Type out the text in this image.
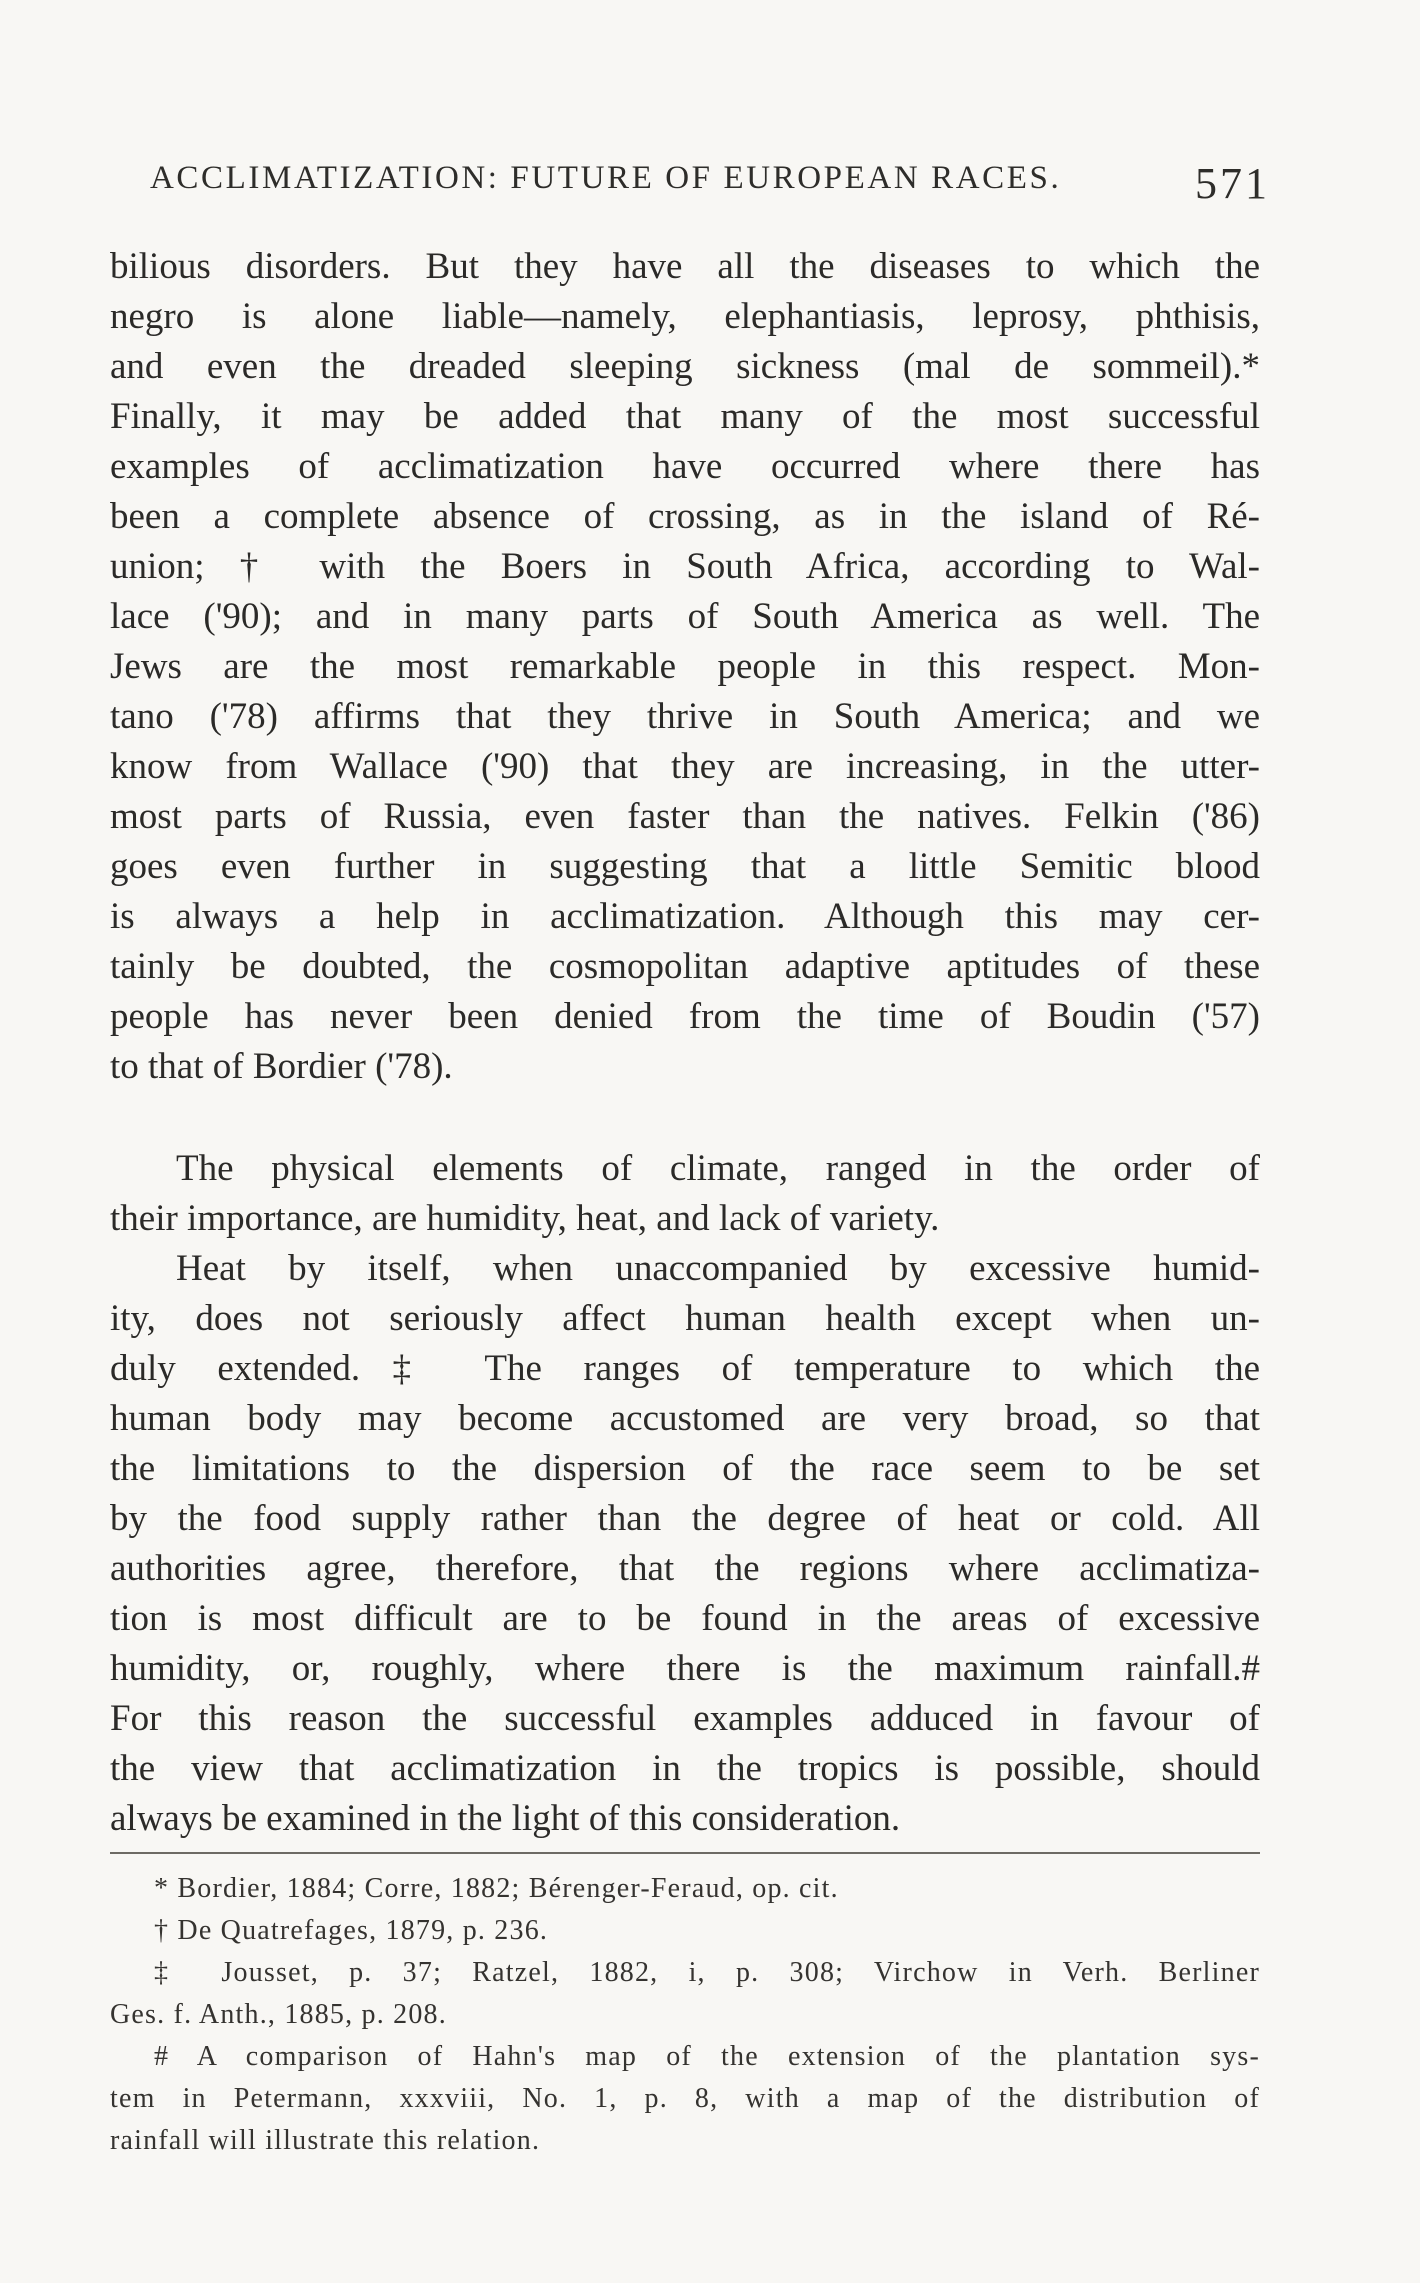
ACCLIMATIZATION: FUTURE OF EUROPEAN RACES.	571
bilious disorders. But they have all the diseases to which the
negro is alone liable—namely, elephantiasis, leprosy, phthisis,
and even the dreaded sleeping sickness (mal de sommeil).*
Finally, it may be added that many of the most successful
examples of acclimatization have occurred where there has
been a complete absence of crossing, as in the island of Ré-
union; † with the Boers in South Africa, according to Wal-
lace ('90); and in many parts of South America as well. The
Jews are the most remarkable people in this respect. Mon-
tano ('78) affirms that they thrive in South America; and we
know from Wallace ('90) that they are increasing, in the utter-
most parts of Russia, even faster than the natives. Felkin ('86)
goes even further in suggesting that a little Semitic blood
is always a help in acclimatization. Although this may cer-
tainly be doubted, the cosmopolitan adaptive aptitudes of these
people has never been denied from the time of Boudin ('57)
to that of Bordier ('78).
The physical elements of climate, ranged in the order of
their importance, are humidity, heat, and lack of variety.
Heat by itself, when unaccompanied by excessive humid-
ity, does not seriously affect human health except when un-
duly extended.‡ The ranges of temperature to which the
human body may become accustomed are very broad, so that
the limitations to the dispersion of the race seem to be set
by the food supply rather than the degree of heat or cold. All
authorities agree, therefore, that the regions where acclimatiza-
tion is most difficult are to be found in the areas of excessive
humidity, or, roughly, where there is the maximum rainfall.#
For this reason the successful examples adduced in favour of
the view that acclimatization in the tropics is possible, should
always be examined in the light of this consideration.
* Bordier, 1884; Corre, 1882; Bérenger-Feraud, op. cit.
† De Quatrefages, 1879, p. 236.
‡ Jousset, p. 37; Ratzel, 1882, i, p. 308; Virchow in Verh. Berliner
Ges. f. Anth., 1885, p. 208.
# A comparison of Hahn's map of the extension of the plantation sys-
tem in Petermann, xxxviii, No. 1, p. 8, with a map of the distribution of
rainfall will illustrate this relation.
